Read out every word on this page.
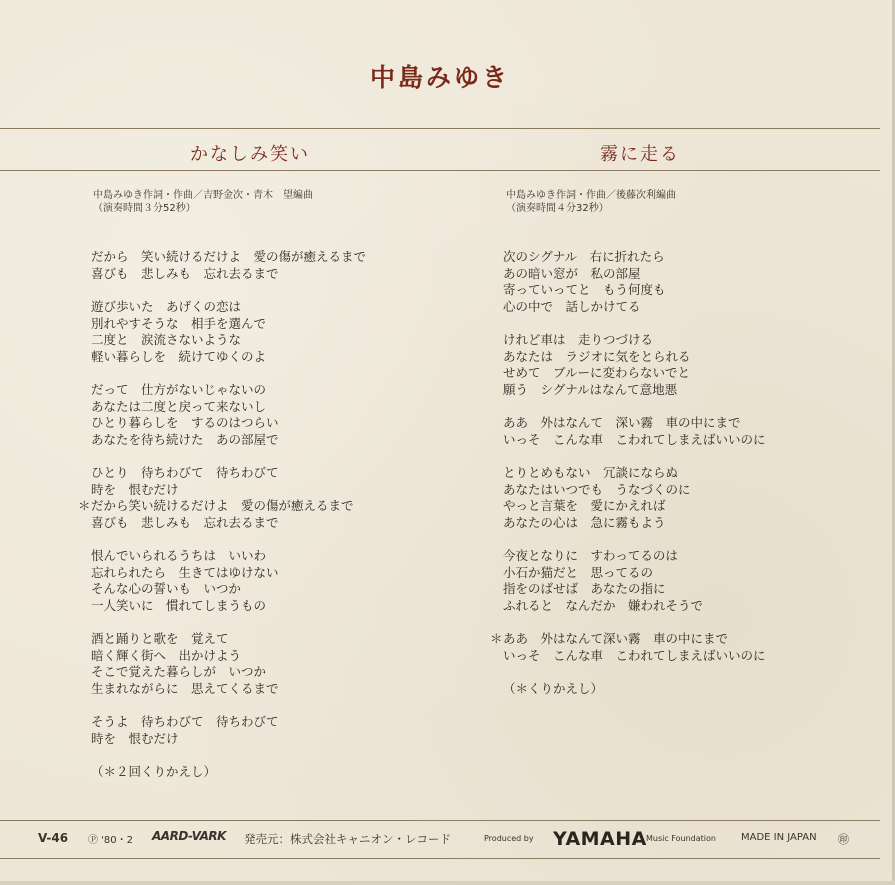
中島みゆき
かなしみ笑い	霧に走る
中島みゆき作詞・作曲／吉野金次・青木　望編曲
（演奏時間３分52秒）
中島みゆき作詞・作曲／後藤次利編曲
（演奏時間４分32秒）
だから　笑い続けるだけよ　愛の傷が癒えるまで
喜びも　悲しみも　忘れ去るまで
遊び歩いた　あげくの恋は
別れやすそうな　相手を選んで
二度と　涙流さないような
軽い暮らしを　続けてゆくのよ
だって　仕方がないじゃないの
あなたは二度と戻って来ないし
ひとり暮らしを　するのはつらい
あなたを待ち続けた　あの部屋で
ひとり　待ちわびて　待ちわびて
時を　恨むだけ
＊ だから笑い続けるだけよ　愛の傷が癒えるまで
喜びも　悲しみも　忘れ去るまで
恨んでいられるうちは　いいわ
忘れられたら　生きてはゆけない
そんな心の誓いも　いつか
一人笑いに　慣れてしまうもの
酒と踊りと歌を　覚えて
暗く輝く街へ　出かけよう
そこで覚えた暮らしが　いつか
生まれながらに　思えてくるまで
そうよ　待ちわびて　待ちわびて
時を　恨むだけ
（＊２回くりかえし）
次のシグナル　右に折れたら
あの暗い窓が　私の部屋
寄っていってと　もう何度も
心の中で　話しかけてる
けれど車は　走りつづける
あなたは　ラジオに気をとられる
せめて　ブルーに変わらないでと
願う　シグナルはなんて意地悪
ああ　外はなんて　深い霧　車の中にまで
いっそ　こんな車　こわれてしまえばいいのに
とりとめもない　冗談にならぬ
あなたはいつでも　うなづくのに
やっと言葉を　愛にかえれば
あなたの心は　急に霧もよう
今夜となりに　すわってるのは
小石か猫だと　思ってるの
指をのばせば　あなたの指に
ふれると　なんだか　嫌われそうで
＊ ああ　外はなんて深い霧　車の中にまで
いっそ　こんな車　こわれてしまえばいいのに
（＊くりかえし）
V-46 Ⓟ '80・2 AARD-VARK 発売元：株式会社キャニオン・レコード	Produced by YAMAHA Music Foundation	MADE IN JAPAN ㊞
